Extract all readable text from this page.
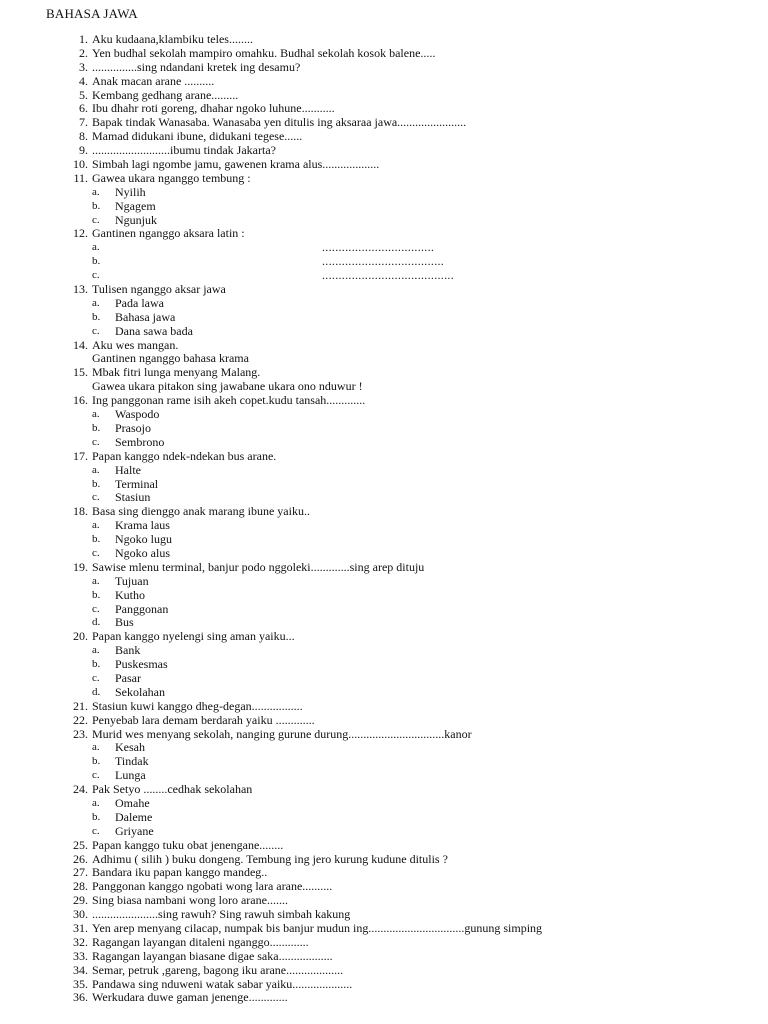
BAHASA JAWA
1. Aku kudaana,klambiku teles........
2. Yen budhal sekolah mampiro omahku. Budhal sekolah kosok balene.....
3. ...............sing ndandani kretek ing desamu?
4. Anak macan arane ..........
5. Kembang gedhang arane.........
6. Ibu dhahr roti goreng, dhahar ngoko luhune...........
7. Bapak tindak Wanasaba. Wanasaba yen ditulis ing aksaraa jawa.......................
8. Mamad didukani ibune, didukani tegese......
9. ..........................ibumu tindak Jakarta?
10. Simbah lagi ngombe jamu, gawenen krama alus...................
11. Gawea ukara nganggo tembung :
a. Nyilih
b. Ngagem
c. Ngunjuk
12. Gantinen nganggo aksara latin :
a.	..................................
b.	.....................................
c.	........................................
13. Tulisen nganggo aksar jawa
a. Pada lawa
b. Bahasa jawa
c. Dana sawa bada
14. Aku wes mangan.
Gantinen nganggo bahasa krama
15. Mbak fitri lunga menyang Malang.
Gawea ukara pitakon sing jawabane ukara ono nduwur !
16. Ing panggonan rame isih akeh copet.kudu tansah.............
a. Waspodo
b. Prasojo
c. Sembrono
17. Papan kanggo ndek-ndekan bus arane.
a. Halte
b. Terminal
c. Stasiun
18. Basa sing dienggo anak marang ibune yaiku..
a. Krama laus
b. Ngoko lugu
c. Ngoko alus
19. Sawise mlenu terminal, banjur podo nggoleki.............sing arep dituju
a. Tujuan
b. Kutho
c. Panggonan
d. Bus
20. Papan kanggo nyelengi sing aman yaiku...
a. Bank
b. Puskesmas
c. Pasar
d. Sekolahan
21. Stasiun kuwi kanggo dheg-degan.................
22. Penyebab lara demam berdarah yaiku .............
23. Murid wes menyang sekolah, nanging gurune durung................................kanor
a. Kesah
b. Tindak
c. Lunga
24. Pak Setyo ........cedhak sekolahan
a. Omahe
b. Daleme
c. Griyane
25. Papan kanggo tuku obat jenengane........
26. Adhimu ( silih ) buku dongeng. Tembung ing jero kurung kudune ditulis ?
27. Bandara iku papan kanggo mandeg..
28. Panggonan kanggo ngobati wong lara arane..........
29. Sing biasa nambani wong loro arane.......
30. ......................sing rawuh? Sing rawuh simbah kakung
31. Yen arep menyang cilacap, numpak bis banjur mudun ing................................gunung simping
32. Ragangan layangan ditaleni nganggo.............
33. Ragangan layangan biasane digae saka..................
34. Semar, petruk ,gareng, bagong iku arane...................
35. Pandawa sing nduweni watak sabar yaiku....................
36. Werkudara duwe gaman jenenge.............
